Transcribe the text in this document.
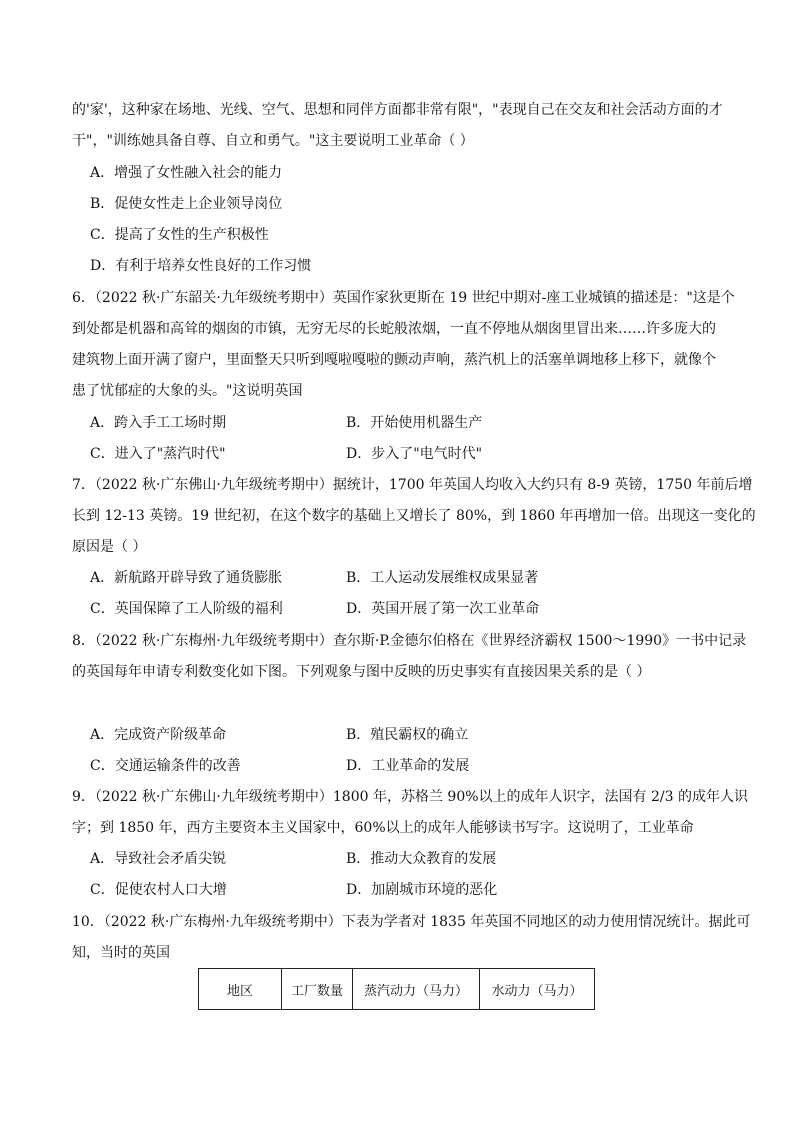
的'家'，这种家在场地、光线、空气、思想和同伴方面都非常有限"，"表现自己在交友和社会活动方面的才
干"，"训练她具备自尊、自立和勇气。"这主要说明工业革命（ ）
A．增强了女性融入社会的能力
B．促使女性走上企业领导岗位
C．提高了女性的生产积极性
D．有利于培养女性良好的工作习惯
6．（2022 秋·广东韶关·九年级统考期中）英国作家狄更斯在 19 世纪中期对-座工业城镇的描述是："这是个
到处都是机器和高耸的烟囱的市镇，无穷无尽的长蛇般浓烟，一直不停地从烟囱里冒出来……许多庞大的
建筑物上面开满了窗户，里面整天只听到嘎啦嘎啦的颤动声响，蒸汽机上的活塞单调地移上移下，就像个
患了忧郁症的大象的头。"这说明英国
A．跨入手工工场时期	B．开始使用机器生产
C．进入了"蒸汽时代"	D．步入了"电气时代"
7．（2022 秋·广东佛山·九年级统考期中）据统计，1700 年英国人均收入大约只有 8-9 英镑，1750 年前后增
长到 12-13 英镑。19 世纪初，在这个数字的基础上又增长了 80%，到 1860 年再增加一倍。出现这一变化的
原因是（ ）
A．新航路开辟导致了通货膨胀	B．工人运动发展维权成果显著
C．英国保障了工人阶级的福利	D．英国开展了第一次工业革命
8．（2022 秋·广东梅州·九年级统考期中）查尔斯·P.金德尔伯格在《世界经济霸权 1500～1990》一书中记录
的英国每年申请专利数变化如下图。下列观象与图中反映的历史事实有直接因果关系的是（ ）
A．完成资产阶级革命	B．殖民霸权的确立
C．交通运输条件的改善	D．工业革命的发展
9．（2022 秋·广东佛山·九年级统考期中）1800 年，苏格兰 90%以上的成年人识字，法国有 2/3 的成年人识
字；到 1850 年，西方主要资本主义国家中，60%以上的成年人能够读书写字。这说明了，工业革命
A．导致社会矛盾尖锐	B．推动大众教育的发展
C．促使农村人口大增	D．加剧城市环境的恶化
10．（2022 秋·广东梅州·九年级统考期中）下表为学者对 1835 年英国不同地区的动力使用情况统计。据此可
知，当时的英国
地区	工厂数量	蒸汽动力（马力）	水动力（马力）
